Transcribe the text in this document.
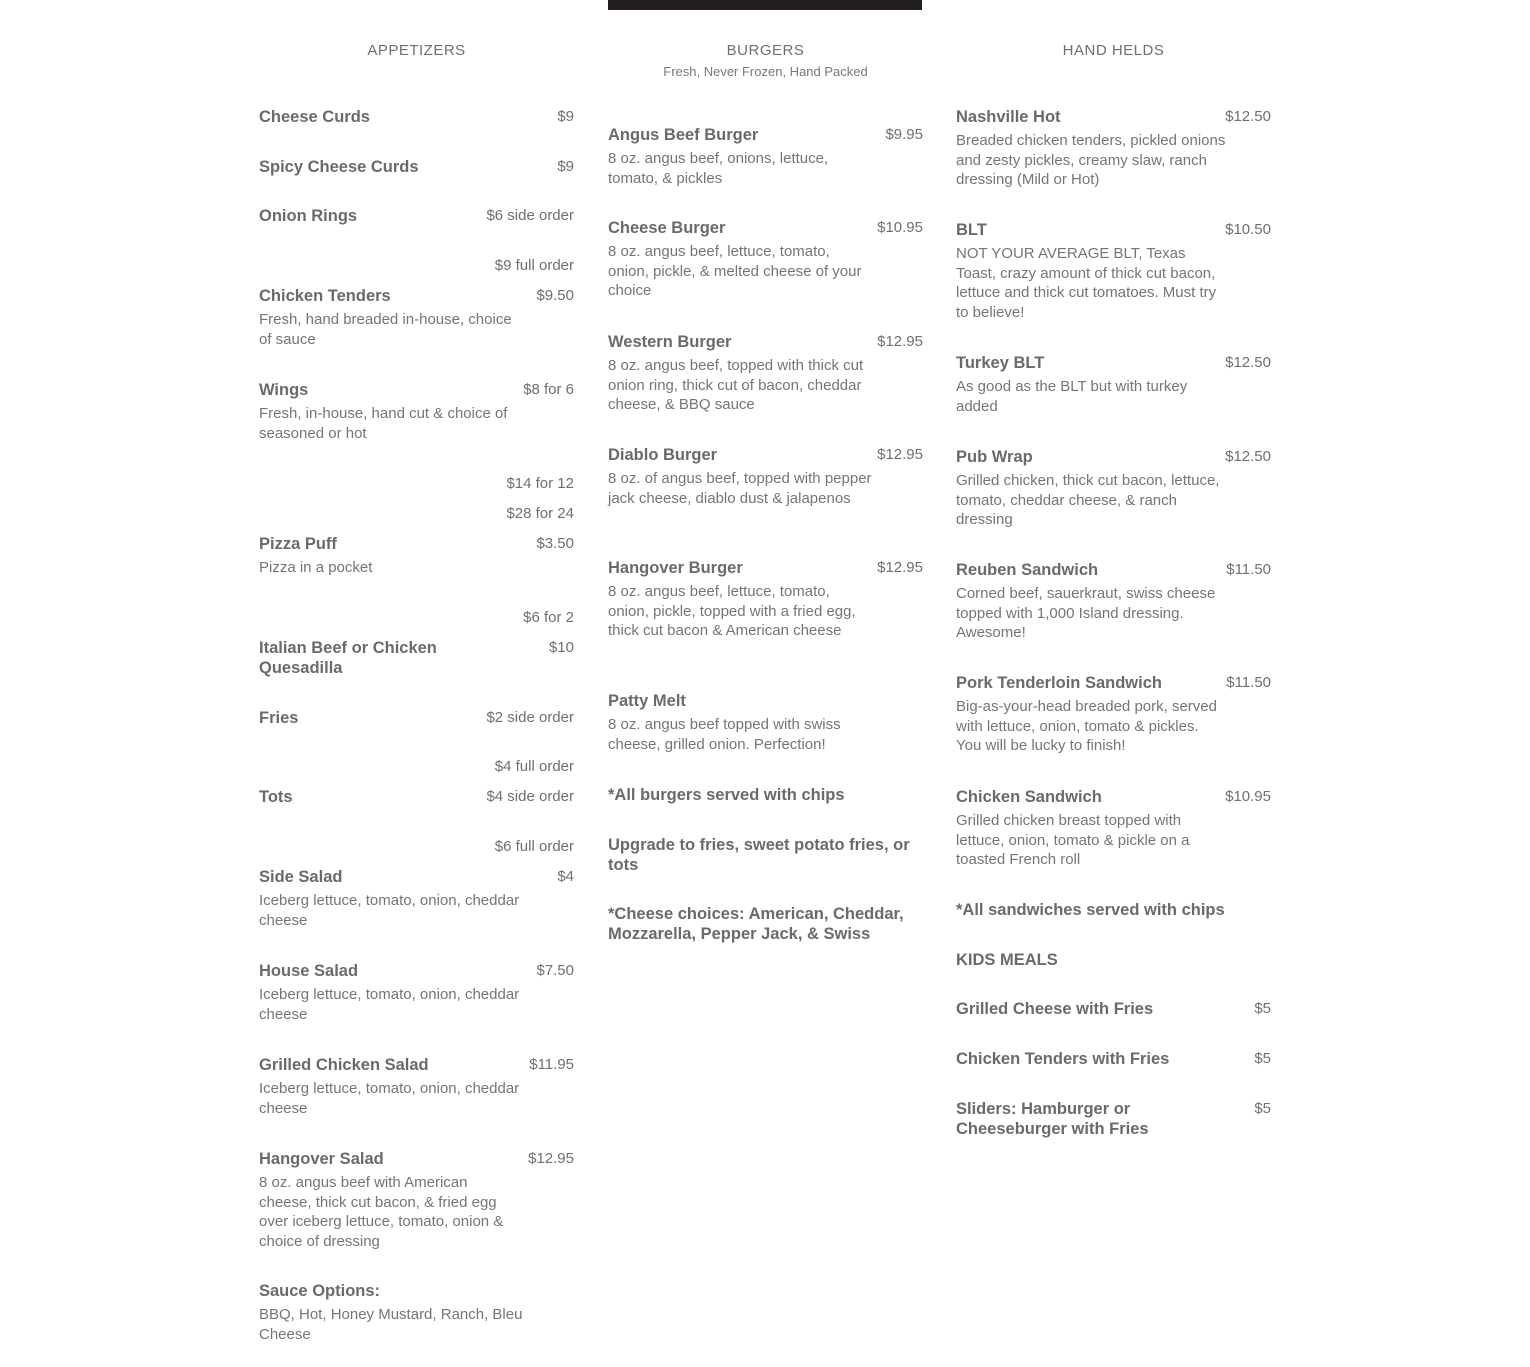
APPETIZERS
Cheese Curds	$9
Spicy Cheese Curds	$9
Onion Rings	$6 side order
$9 full order
Chicken Tenders	$9.50
Fresh, hand breaded in-house, choice of sauce
Wings	$8 for 6
Fresh, in-house, hand cut & choice of seasoned or hot
$14 for 12
$28 for 24
Pizza Puff	$3.50
Pizza in a pocket
$6 for 2
Italian Beef or Chicken Quesadilla
$10
Fries	$2 side order
$4 full order
Tots	$4 side order
$6 full order
Side Salad	$4
Iceberg lettuce, tomato, onion, cheddar cheese
House Salad	$7.50
Iceberg lettuce, tomato, onion, cheddar cheese
Grilled Chicken Salad	$11.95
Iceberg lettuce, tomato, onion, cheddar cheese
Hangover Salad	$12.95
8 oz. angus beef with American cheese, thick cut bacon, & fried egg over iceberg lettuce, tomato, onion & choice of dressing
Sauce Options:
BBQ, Hot, Honey Mustard, Ranch, Bleu Cheese
BURGERS
Fresh, Never Frozen, Hand Packed
Angus Beef Burger	$9.95
8 oz. angus beef, onions, lettuce, tomato, & pickles
Cheese Burger	$10.95
8 oz. angus beef, lettuce, tomato, onion, pickle, & melted cheese of your choice
Western Burger	$12.95
8 oz. angus beef, topped with thick cut onion ring, thick cut of bacon, cheddar cheese, & BBQ sauce
Diablo Burger	$12.95
8 oz. of angus beef, topped with pepper jack cheese, diablo dust & jalapenos
Hangover Burger	$12.95
8 oz. angus beef, lettuce, tomato, onion, pickle, topped with a fried egg, thick cut bacon & American cheese
Patty Melt
8 oz. angus beef topped with swiss cheese, grilled onion. Perfection!
*All burgers served with chips
Upgrade to fries, sweet potato fries, or tots
*Cheese choices: American, Cheddar, Mozzarella, Pepper Jack, & Swiss
HAND HELDS
Nashville Hot	$12.50
Breaded chicken tenders, pickled onions and zesty pickles, creamy slaw, ranch dressing (Mild or Hot)
BLT	$10.50
NOT YOUR AVERAGE BLT, Texas Toast, crazy amount of thick cut bacon, lettuce and thick cut tomatoes. Must try to believe!
Turkey BLT	$12.50
As good as the BLT but with turkey added
Pub Wrap	$12.50
Grilled chicken, thick cut bacon, lettuce, tomato, cheddar cheese, & ranch dressing
Reuben Sandwich	$11.50
Corned beef, sauerkraut, swiss cheese topped with 1,000 Island dressing. Awesome!
Pork Tenderloin Sandwich	$11.50
Big-as-your-head breaded pork, served with lettuce, onion, tomato & pickles. You will be lucky to finish!
Chicken Sandwich	$10.95
Grilled chicken breast topped with lettuce, onion, tomato & pickle on a toasted French roll
*All sandwiches served with chips
KIDS MEALS
Grilled Cheese with Fries	$5
Chicken Tenders with Fries	$5
Sliders: Hamburger or Cheeseburger with Fries
$5
